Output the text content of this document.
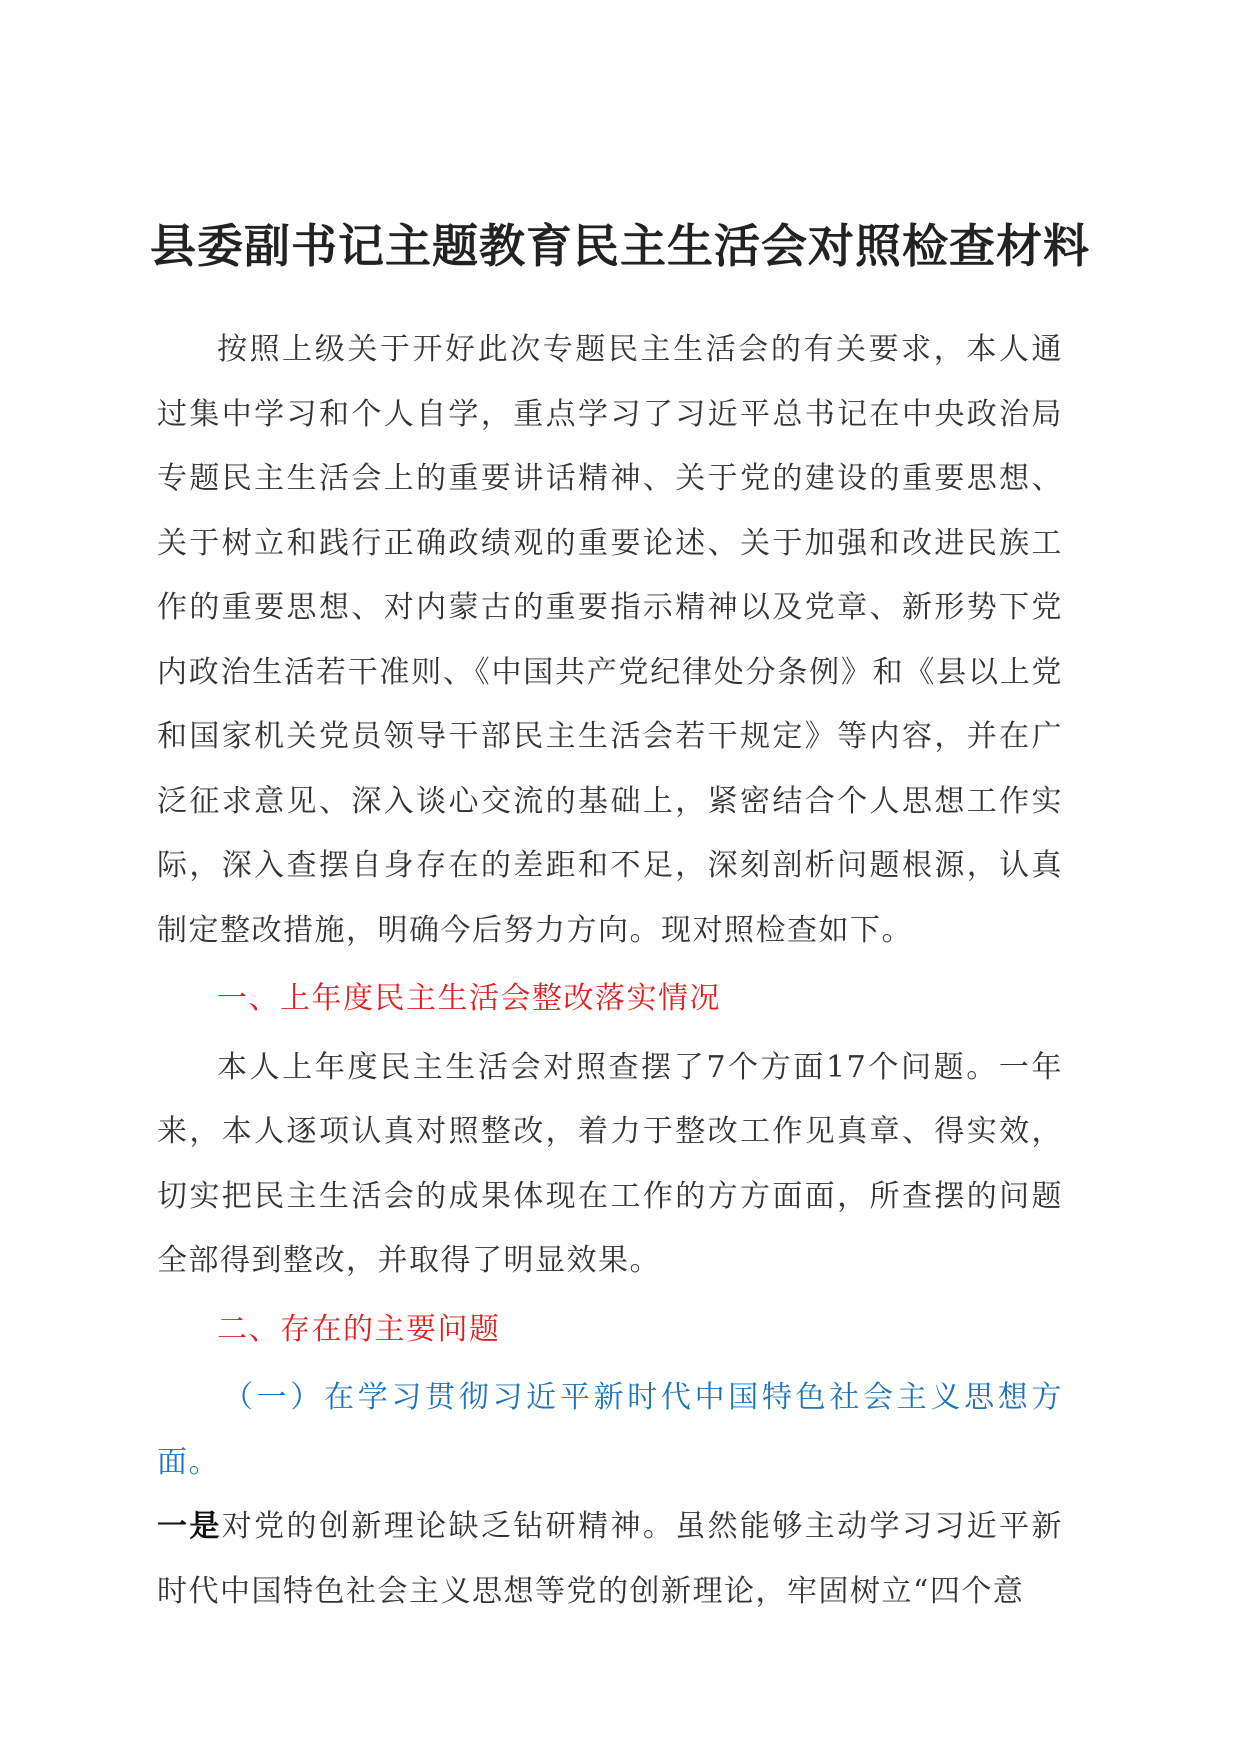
县委副书记主题教育民主生活会对照检查材料

按照上级关于开好此次专题民主生活会的有关要求，本人通过集中学习和个人自学，重点学习了习近平总书记在中央政治局专题民主生活会上的重要讲话精神、关于党的建设的重要思想、关于树立和践行正确政绩观的重要论述、关于加强和改进民族工作的重要思想、对内蒙古的重要指示精神以及党章、新形势下党内政治生活若干准则、《中国共产党纪律处分条例》和《县以上党和国家机关党员领导干部民主生活会若干规定》等内容，并在广泛征求意见、深入谈心交流的基础上，紧密结合个人思想工作实际，深入查摆自身存在的差距和不足，深刻剖析问题根源，认真制定整改措施，明确今后努力方向。现对照检查如下。

一、上年度民主生活会整改落实情况

本人上年度民主生活会对照查摆了7个方面17个问题。一年来，本人逐项认真对照整改，着力于整改工作见真章、得实效，切实把民主生活会的成果体现在工作的方方面面，所查摆的问题全部得到整改，并取得了明显效果。

二、存在的主要问题

（一）在学习贯彻习近平新时代中国特色社会主义思想方面。

一是对党的创新理论缺乏钻研精神。虽然能够主动学习习近平新时代中国特色社会主义思想等党的创新理论，牢固树立“四个意
